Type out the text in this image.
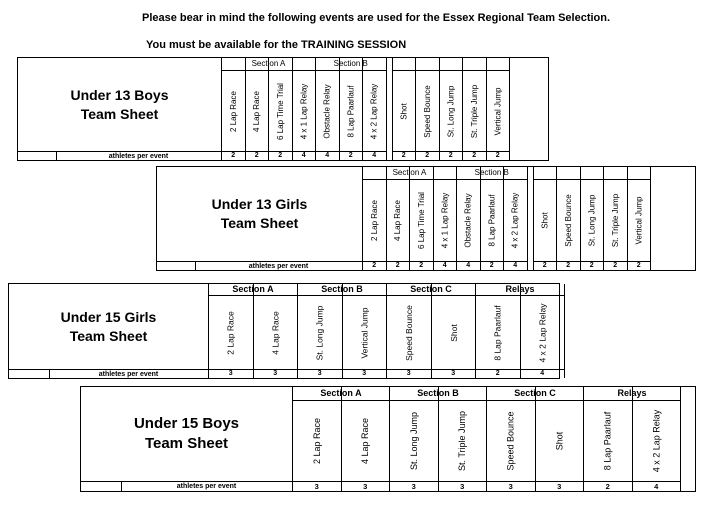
Please bear in mind the following events are used for the Essex Regional Team Selection.
You must be available for the TRAINING SESSION
Under 13 Boys
Team Sheet
athletes per event
Section A
2 Lap Race
2
4 Lap Race
2
6 Lap Time Trial
2
4 x 1 Lap Relay
4
Section B
Obstacle Relay
4
8 Lap Paarlauf
2
4 x 2 Lap Relay
4
Shot
2
Speed Bounce
2
St. Long Jump
2
St. Triple Jump
2
Vertical Jump
2
Under 13 Girls
Team Sheet
athletes per event
Section A
2 Lap Race
2
4 Lap Race
2
6 Lap Time Trial
2
4 x 1 Lap Relay
4
Section B
Obstacle Relay
4
8 Lap Paarlauf
2
4 x 2 Lap Relay
4
Shot
2
Speed Bounce
2
St. Long Jump
2
St. Triple Jump
2
Vertical Jump
2
Under 15 Girls
Team Sheet
athletes per event
Section A
2 Lap Race
3
4 Lap Race
3
Section B
St. Long Jump
3
Vertical Jump
3
Section C
Speed Bounce
3
Shot
3
Relays
8 Lap Paarlauf
2
4 x 2 Lap Relay
4
Under 15 Boys
Team Sheet
athletes per event
Section A
2 Lap Race
3
4 Lap Race
3
Section B
St. Long Jump
3
St. Triple Jump
3
Section C
Speed Bounce
3
Shot
3
Relays
8 Lap Paarlauf
2
4 x 2 Lap Relay
4
